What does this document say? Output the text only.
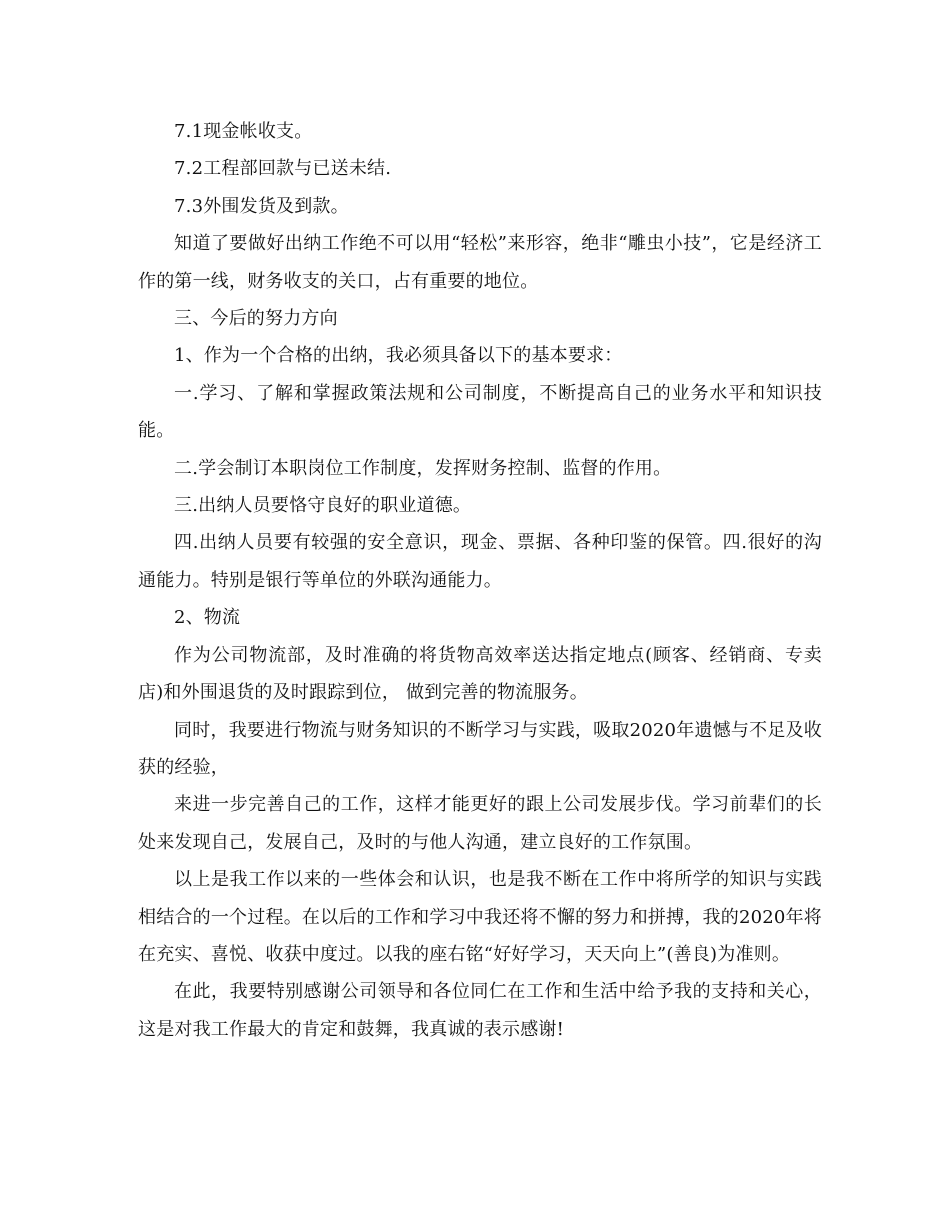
7.1现金帐收支。

7.2工程部回款与已送未结.

7.3外围发货及到款。

知道了要做好出纳工作绝不可以用“轻松”来形容，绝非“雕虫小技”，它是经济工作的第一线，财务收支的关口，占有重要的地位。

三、今后的努力方向

1、作为一个合格的出纳，我必须具备以下的基本要求：

一.学习、了解和掌握政策法规和公司制度，不断提高自己的业务水平和知识技能。

二.学会制订本职岗位工作制度，发挥财务控制、监督的作用。

三.出纳人员要恪守良好的职业道德。

四.出纳人员要有较强的安全意识，现金、票据、各种印鉴的保管。四.很好的沟通能力。特别是银行等单位的外联沟通能力。

2、物流

作为公司物流部，及时准确的将货物高效率送达指定地点(顾客、经销商、专卖店)和外围退货的及时跟踪到位， 做到完善的物流服务。

同时，我要进行物流与财务知识的不断学习与实践，吸取2020年遗憾与不足及收获的经验，

来进一步完善自己的工作，这样才能更好的跟上公司发展步伐。学习前辈们的长处来发现自己，发展自己，及时的与他人沟通，建立良好的工作氛围。

以上是我工作以来的一些体会和认识，也是我不断在工作中将所学的知识与实践相结合的一个过程。在以后的工作和学习中我还将不懈的努力和拼搏，我的2020年将在充实、喜悦、收获中度过。以我的座右铭“好好学习，天天向上”(善良)为准则。

在此，我要特别感谢公司领导和各位同仁在工作和生活中给予我的支持和关心，这是对我工作最大的肯定和鼓舞，我真诚的表示感谢!
